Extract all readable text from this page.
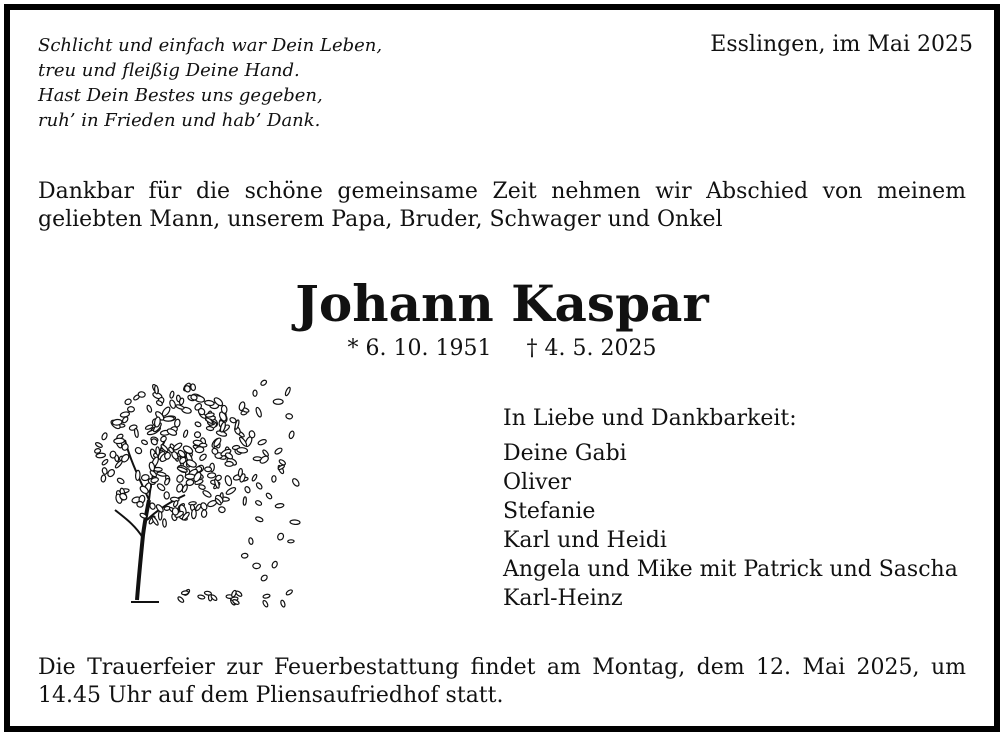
Schlicht und einfach war Dein Leben,
treu und fleißig Deine Hand.
Hast Dein Bestes uns gegeben,
ruh’ in Frieden und hab’ Dank.
Esslingen, im Mai 2025
Dankbar für die schöne gemeinsame Zeit nehmen wir Abschied von meinem geliebten Mann, unserem Papa, Bruder, Schwager und Onkel
Johann Kaspar
* 6. 10. 1951 † 4. 5. 2025
In Liebe und Dankbarkeit:
Deine Gabi
Oliver
Stefanie
Karl und Heidi
Angela und Mike mit Patrick und Sascha
Karl-Heinz
Die Trauerfeier zur Feuerbestattung findet am Montag, dem 12. Mai 2025, um 14.45 Uhr auf dem Pliensaufriedhof statt.
